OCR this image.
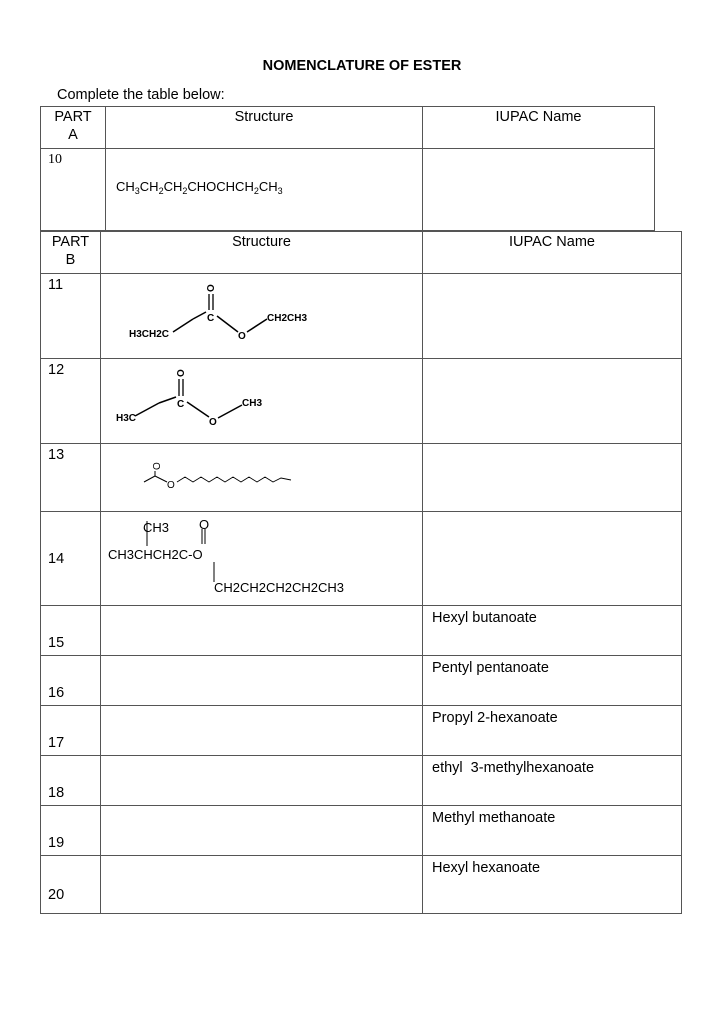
NOMENCLATURE OF ESTER
Complete the table below:
PART
A	Structure	IUPAC Name
10	$CH_3CH_2CH_2CHOCHCH_2CH_3$

PART
B	Structure	IUPAC Name
11	H3CH2C
C
O
O
CH2CH3	

12	H3C
C
O
O
CH3	

13	O
O	

14	CH3 O
CH3CHCH2C-O
CH2CH2CH2CH2CH3	

15		Hexyl butanoate
16		Pentyl pentanoate
17		Propyl 2-hexanoate
18		ethyl  3-methylhexanoate
19		Methyl methanoate
20		Hexyl hexanoate
